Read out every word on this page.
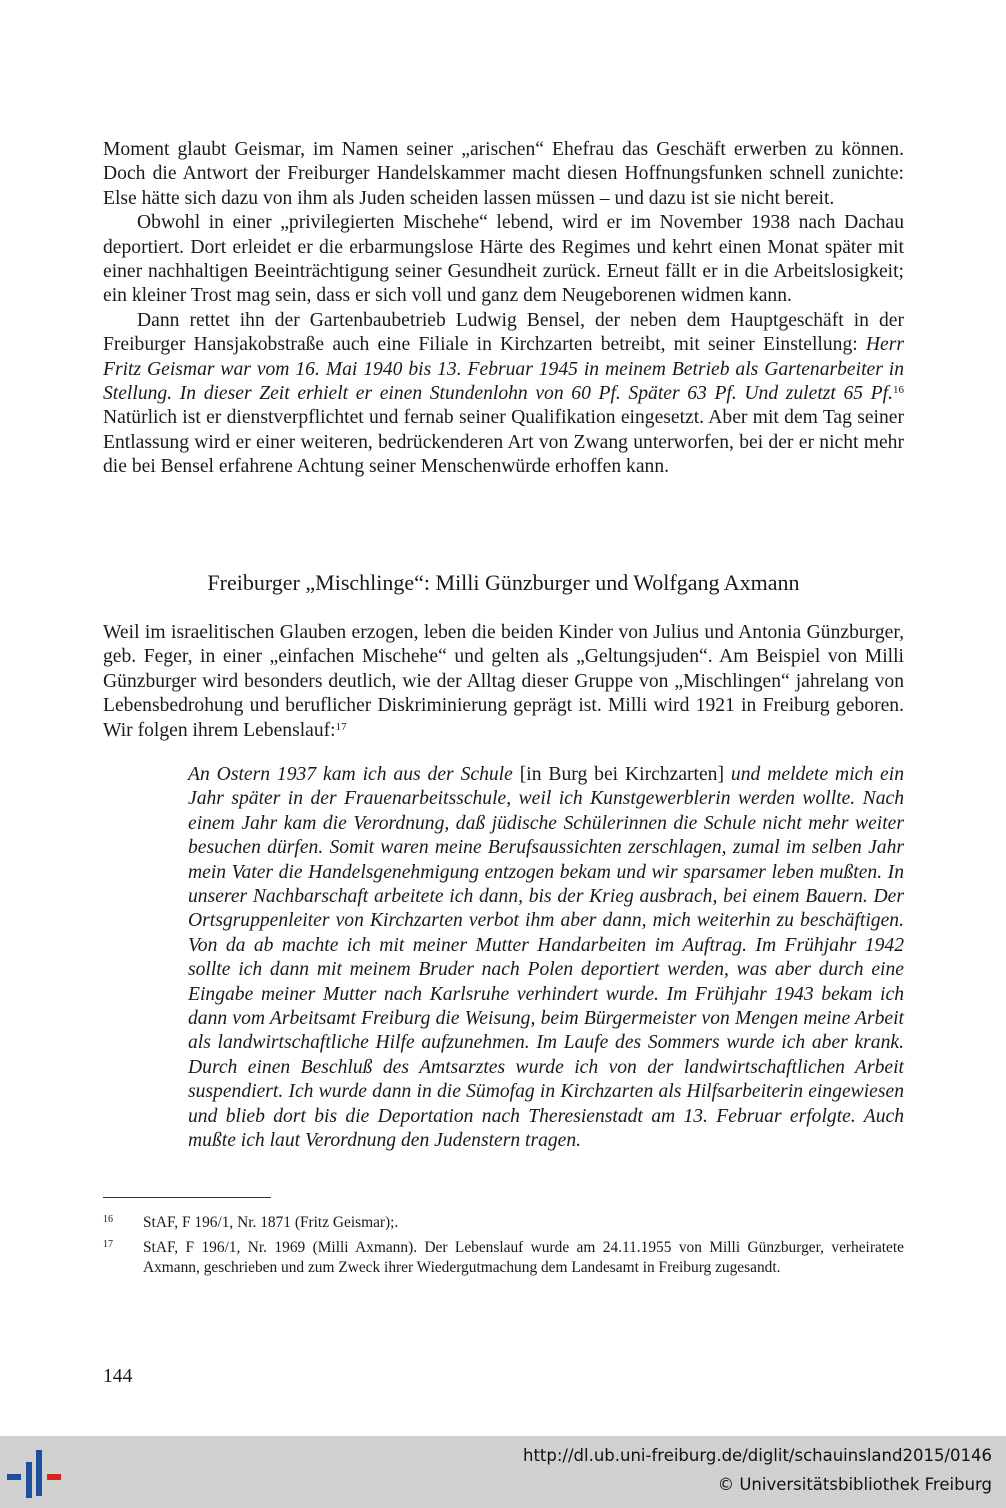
Moment glaubt Geismar, im Namen seiner „arischen“ Ehefrau das Geschäft erwerben zu können. Doch die Antwort der Freiburger Handelskammer macht diesen Hoffnungsfunken schnell zunichte: Else hätte sich dazu von ihm als Juden scheiden lassen müssen – und dazu ist sie nicht bereit.

Obwohl in einer „privilegierten Mischehe“ lebend, wird er im November 1938 nach Dachau deportiert. Dort erleidet er die erbarmungslose Härte des Regimes und kehrt einen Monat später mit einer nachhaltigen Beeinträchtigung seiner Gesundheit zurück. Erneut fällt er in die Arbeitslosigkeit; ein kleiner Trost mag sein, dass er sich voll und ganz dem Neugeborenen widmen kann.

Dann rettet ihn der Gartenbaubetrieb Ludwig Bensel, der neben dem Hauptgeschäft in der Freiburger Hansjakobstraße auch eine Filiale in Kirchzarten betreibt, mit seiner Einstellung: Herr Fritz Geismar war vom 16. Mai 1940 bis 13. Februar 1945 in meinem Betrieb als Gartenarbeiter in Stellung. In dieser Zeit erhielt er einen Stundenlohn von 60 Pf. Später 63 Pf. Und zuletzt 65 Pf.$^{16}$ Natürlich ist er dienstverpflichtet und fernab seiner Qualifikation eingesetzt. Aber mit dem Tag seiner Entlassung wird er einer weiteren, bedrückenderen Art von Zwang unterworfen, bei der er nicht mehr die bei Bensel erfahrene Achtung seiner Menschenwürde erhoffen kann.

Freiburger „Mischlinge“: Milli Günzburger und Wolfgang Axmann

Weil im israelitischen Glauben erzogen, leben die beiden Kinder von Julius und Antonia Günzburger, geb. Feger, in einer „einfachen Mischehe“ und gelten als „Geltungsjuden“. Am Beispiel von Milli Günzburger wird besonders deutlich, wie der Alltag dieser Gruppe von „Mischlingen“ jahrelang von Lebensbedrohung und beruflicher Diskriminierung geprägt ist. Milli wird 1921 in Freiburg geboren. Wir folgen ihrem Lebenslauf:$^{17}$

An Ostern 1937 kam ich aus der Schule [in Burg bei Kirchzarten] und meldete mich ein Jahr später in der Frauenarbeitsschule, weil ich Kunstgewerblerin werden wollte. Nach einem Jahr kam die Verordnung, daß jüdische Schülerinnen die Schule nicht mehr weiter besuchen dürfen. Somit waren meine Berufsaussichten zerschlagen, zumal im selben Jahr mein Vater die Handelsgenehmigung entzogen bekam und wir sparsamer leben mußten. In unserer Nachbarschaft arbeitete ich dann, bis der Krieg ausbrach, bei einem Bauern. Der Ortsgruppenleiter von Kirchzarten verbot ihm aber dann, mich weiterhin zu beschäftigen. Von da ab machte ich mit meiner Mutter Handarbeiten im Auftrag. Im Frühjahr 1942 sollte ich dann mit meinem Bruder nach Polen deportiert werden, was aber durch eine Eingabe meiner Mutter nach Karlsruhe verhindert wurde. Im Frühjahr 1943 bekam ich dann vom Arbeitsamt Freiburg die Weisung, beim Bürgermeister von Mengen meine Arbeit als landwirtschaftliche Hilfe aufzunehmen. Im Laufe des Sommers wurde ich aber krank. Durch einen Beschluß des Amtsarztes wurde ich von der landwirtschaftlichen Arbeit suspendiert. Ich wurde dann in die Sümofag in Kirchzarten als Hilfsarbeiterin eingewiesen und blieb dort bis die Deportation nach Theresienstadt am 13. Februar erfolgte. Auch mußte ich laut Verordnung den Judenstern tragen.

16 StAF, F 196/1, Nr. 1871 (Fritz Geismar);.
17 StAF, F 196/1, Nr. 1969 (Milli Axmann). Der Lebenslauf wurde am 24.11.1955 von Milli Günzburger, verheiratete Axmann, geschrieben und zum Zweck ihrer Wiedergutmachung dem Landesamt in Freiburg zugesandt.
144
http://dl.ub.uni-freiburg.de/diglit/schauinsland2015/0146
© Universitätsbibliothek Freiburg
